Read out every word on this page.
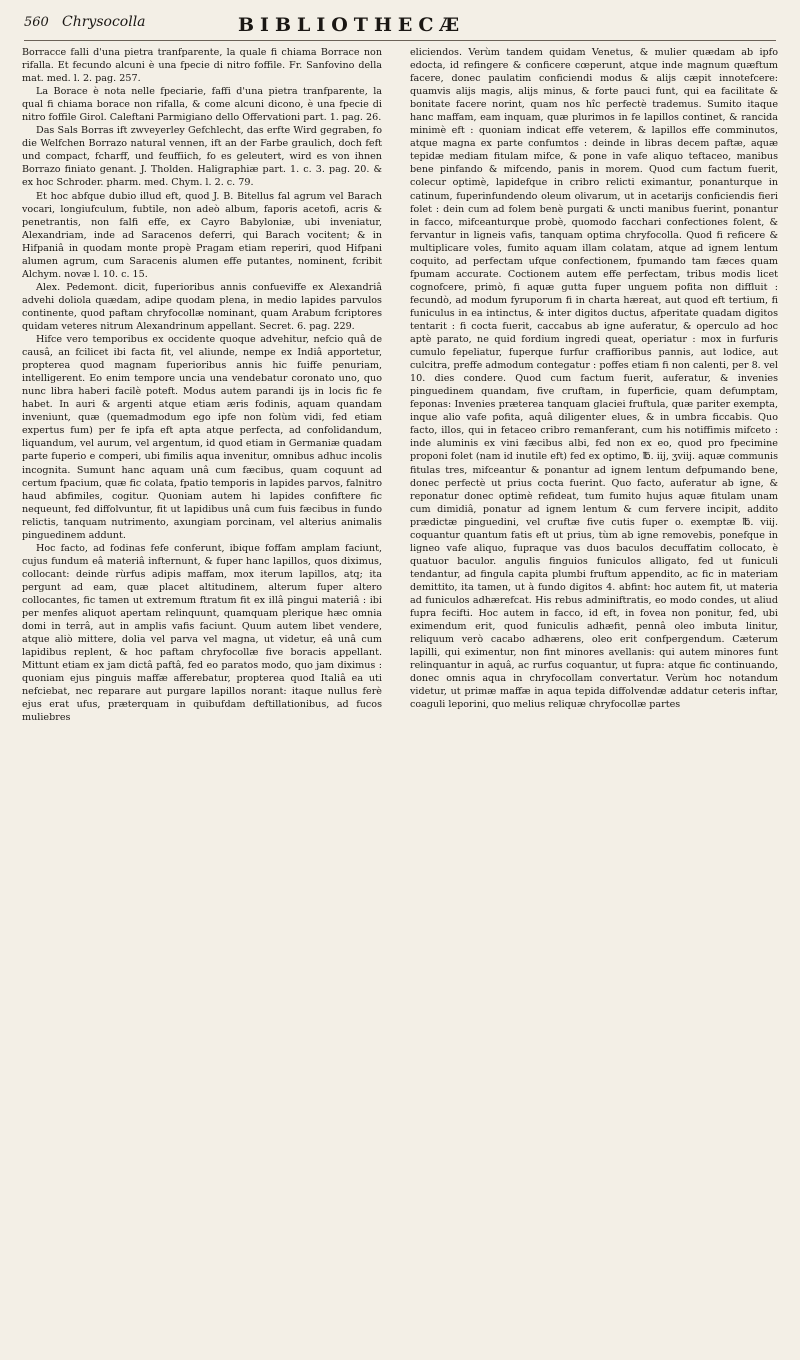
560 Chrysocolla	BIBLIOTHECÆ

Borracce falli d'una pietra tranfparente, la quale fi chiama Borrace non rifalla. Et fecundo alcuni è una fpecie di nitro foffile. Fr. Sanfovino della mat. med. l. 2. pag. 257.

La Borace è nota nelle fpeciarie, faffi d'una pietra tranfparente, la qual fi chiama borace non rifalla, & come alcuni dicono, è una fpecie di nitro foffile Girol. Caleftani Parmigiano dello Offervationi part. 1. pag. 26.

Das Sals Borras ift zwveyerley Gefchlecht, das erfte Wird gegraben, fo die Welfchen Borrazo natural vennen, ift an der Farbe graulich, doch feft und compact, fcharff, und feuffiich, fo es geleutert, wird es von ihnen Borrazo finiato genant. J. Tholden. Haligraphiæ part. 1. c. 3. pag. 20. & ex hoc Schroder. pharm. med. Chym. l. 2. c. 79.

Et hoc abfque dubio illud eft, quod J. B. Bitellus fal agrum vel Barach vocari, longiufculum, fubtile, non adeò album, faporis acetofi, acris & penetrantis, non falfi effe, ex Cayro Babyloniæ, ubi inveniatur, Alexandriam, inde ad Saracenos deferri, qui Barach vocitent; & in Hifpaniâ in quodam monte propè Pragam etiam reperiri, quod Hifpani alumen agrum, cum Saracenis alumen effe putantes, nominent, fcribit Alchym. novæ l. 10. c. 15.

Alex. Pedemont. dicit, fuperioribus annis confueviffe ex Alexandriâ advehi doliola quædam, adipe quodam plena, in medio lapides parvulos continente, quod paftam chryfocollæ nominant, quam Arabum fcriptores quidam veteres nitrum Alexandrinum appellant. Secret. 6. pag. 229.

Hifce vero temporibus ex occidente quoque advehitur, nefcio quâ de causâ, an fcilicet ibi facta fit, vel aliunde, nempe ex Indiâ apportetur, propterea quod magnam fuperioribus annis hic fuiffe penuriam, intelligerent. Eo enim tempore uncia una vendebatur coronato uno, quo nunc libra haberi facilè poteft. Modus autem parandi ijs in locis fic fe habet. In auri & argenti atque etiam æris fodinis, aquam quandam inveniunt, quæ (quemadmodum ego ipfe non folùm vidi, fed etiam expertus fum) per fe ipfa eft apta atque perfecta, ad confolidandum, liquandum, vel aurum, vel argentum, id quod etiam in Germaniæ quadam parte fuperio e comperi, ubi fimilis aqua invenitur, omnibus adhuc incolis incognita. Sumunt hanc aquam unâ cum fæcibus, quam coquunt ad certum fpacium, quæ fic colata, fpatio temporis in lapides parvos, falnitro haud abfimiles, cogitur. Quoniam autem hi lapides confiftere fic nequeunt, fed diffolvuntur, fit ut lapidibus unâ cum fuis fæcibus in fundo relictis, tanquam nutrimento, axungiam porcinam, vel alterius animalis pinguedinem addunt.

Hoc facto, ad fodinas fefe conferunt, ibique foffam amplam faciunt, cujus fundum eâ materiâ infternunt, & fuper hanc lapillos, quos diximus, collocant: deinde rùrfus adipis maffam, mox iterum lapillos, atq; ita pergunt ad eam, quæ placet altitudinem, alterum fuper altero collocantes, fic tamen ut extremum ftratum fit ex illâ pingui materiâ : ibi per menfes aliquot apertam relinquunt, quamquam plerique hæc omnia domi in terrâ, aut in amplis vafis faciunt. Quum autem libet vendere, atque aliò mittere, dolia vel parva vel magna, ut videtur, eâ unâ cum lapidibus replent, & hoc paftam chryfocollæ five boracis appellant. Mittunt etiam ex jam dictâ paftâ, fed eo paratos modo, quo jam diximus : quoniam ejus pinguis maffæ afferebatur, propterea quod Italiâ ea uti nefciebat, nec reparare aut purgare lapillos norant: itaque nullus ferè ejus erat ufus, præterquam in quibufdam deftillationibus, ad fucos muliebres

eliciendos. Verùm tandem quidam Venetus, & mulier quædam ab ipfo edocta, id refingere & conficere cœperunt, atque inde magnum quæftum facere, donec paulatim conficiendi modus & alijs cæpit innotefcere: quamvis alijs magis, alijs minus, & forte pauci funt, qui ea facilitate & bonitate facere norint, quam nos hîc perfectè trademus. Sumito itaque hanc maffam, eam inquam, quæ plurimos in fe lapillos continet, & rancida minimè eft : quoniam indicat effe veterem, & lapillos effe comminutos, atque magna ex parte confumtos : deinde in libras decem paftæ, aquæ tepidæ mediam fitulam mifce, & pone in vafe aliquo teftaceo, manibus bene pinfando & mifcendo, panis in morem. Quod cum factum fuerit, colecur optimè, lapidefque in cribro relicti eximantur, ponanturque in catinum, fuperinfundendo oleum olivarum, ut in acetarijs conficiendis fieri folet : dein cum ad folem benè purgati & uncti manibus fuerint, ponantur in facco, mifceanturque probè, quomodo facchari confectiones folent, & fervantur in ligneis vafis, tanquam optima chryfocolla. Quod fi reficere & multiplicare voles, fumito aquam illam colatam, atque ad ignem lentum coquito, ad perfectam ufque confectionem, fpumando tam fæces quam fpumam accurate. Coctionem autem effe perfectam, tribus modis licet cognofcere, primò, fi aquæ gutta fuper unguem pofita non diffluit : fecundò, ad modum fyruporum fi in charta hæreat, aut quod eft tertium, fi funiculus in ea intinctus, & inter digitos ductus, afperitate quadam digitos tentarit : fi cocta fuerit, caccabus ab igne auferatur, & operculo ad hoc aptè parato, ne quid fordium ingredi queat, operiatur : mox in furfuris cumulo fepeliatur, fuperque furfur craffioribus pannis, aut lodice, aut culcitra, preffe admodum contegatur : poffes etiam fi non calenti, per 8. vel 10. dies condere. Quod cum factum fuerit, auferatur, & invenies pinguedinem quandam, five cruftam, in fuperficie, quam defumptam, feponas: Invenies præterea tanquam glaciei fruftula, quæ pariter exempta, inque alio vafe pofita, aquâ diligenter elues, & in umbra ficcabis. Quo facto, illos, qui in fetaceo cribro remanferant, cum his notiffimis mifceto : inde aluminis ex vini fæcibus albi, fed non ex eo, quod pro fpecimine proponi folet (nam id inutile eft) fed ex optimo, ℔. iij, ʒviij. aquæ communis fitulas tres, mifceantur & ponantur ad ignem lentum defpumando bene, donec perfectè ut prius cocta fuerint. Quo facto, auferatur ab igne, & reponatur donec optimè refideat, tum fumito hujus aquæ fitulam unam cum dimidiâ, ponatur ad ignem lentum & cum fervere incipit, addito prædictæ pinguedini, vel cruftæ five cutis fuper o. exemptæ ℔. viij. coquantur quantum fatis eft ut prius, tùm ab igne removebis, ponefque in ligneo vafe aliquo, fupraque vas duos baculos decuffatim collocato, è quatuor baculor. angulis finguios funiculos alligato, fed ut funiculi tendantur, ad fingula capita plumbi fruftum appendito, ac fic in materiam demittito, ita tamen, ut à fundo digitos 4. abfint: hoc autem fit, ut materia ad funiculos adhærefcat. His rebus adminiftratis, eo modo condes, ut aliud fupra fecifti. Hoc autem in facco, id eft, in fovea non ponitur, fed, ubi eximendum erit, quod funiculis adhæfit, pennâ oleo imbuta linitur, reliquum verò cacabo adhærens, oleo erit confpergendum. Cæterum lapilli, qui eximentur, non fint minores avellanis: qui autem minores funt relinquantur in aquâ, ac rurfus coquantur, ut fupra: atque fic continuando, donec omnis aqua in chryfocollam convertatur. Verùm hoc notandum videtur, ut primæ maffæ in aqua tepida diffolvendæ addatur ceteris inftar, coaguli leporini, quo melius reliquæ chryfocollæ partes
